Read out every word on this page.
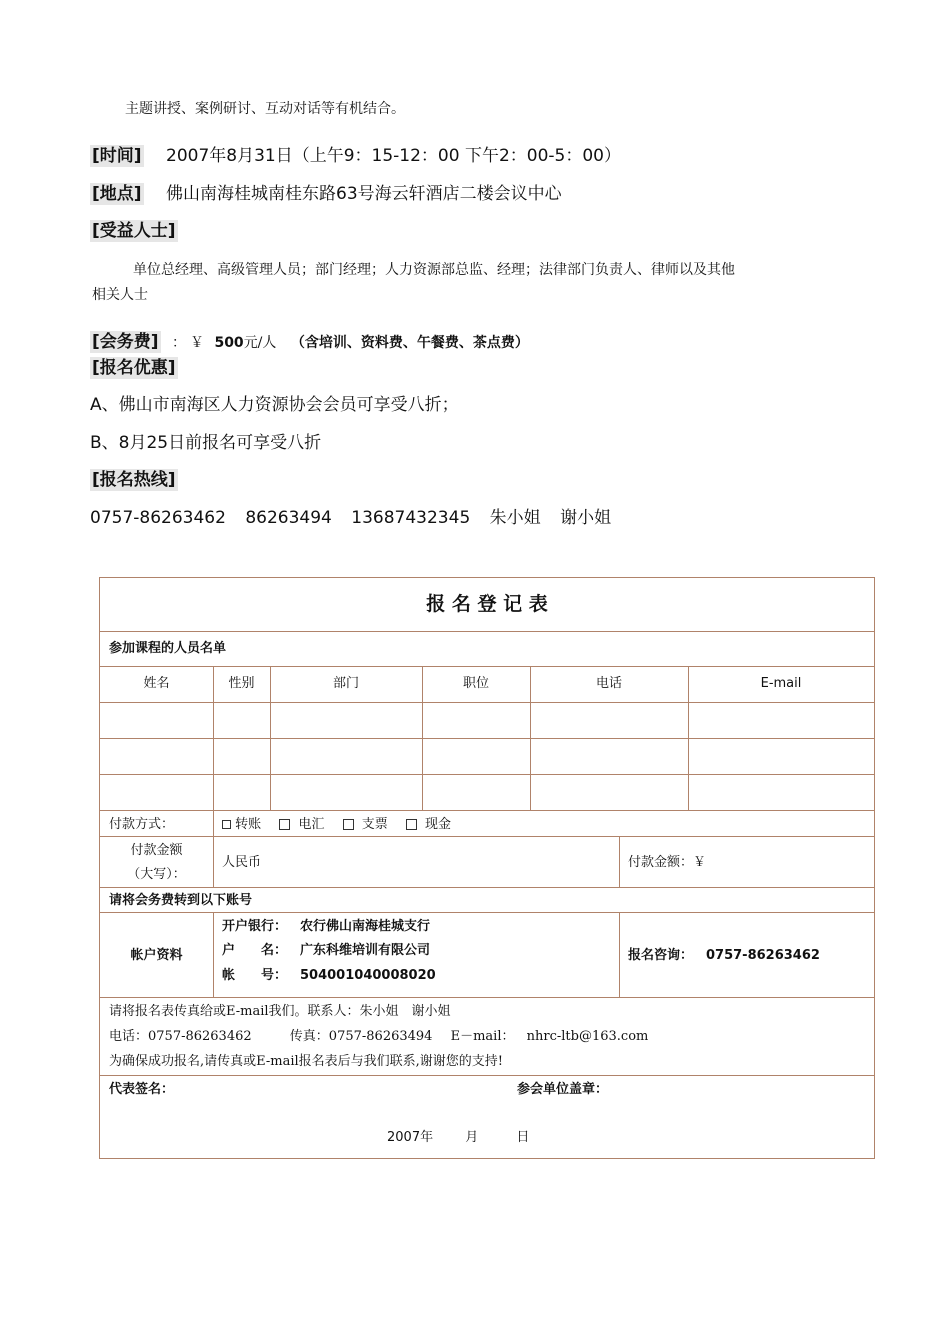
主题讲授、案例研讨、互动对话等有机结合。
[时间] 2007年8月31日（上午9：15-12：00 下午2：00-5：00）
[地点] 佛山南海桂城南桂东路63号海云轩酒店二楼会议中心
[受益人士]
单位总经理、高级管理人员；部门经理；人力资源部总监、经理；法律部门负责人、律师以及其他
相关人士
[会务费] ： ￥ 500元/人 （含培训、资料费、午餐费、茶点费）
[报名优惠]
A、佛山市南海区人力资源协会会员可享受八折；
B、8月25日前报名可享受八折
[报名热线]
0757-86263462 86263494 13687432345 朱小姐 谢小姐
报 名 登 记 表
参加课程的人员名单
姓名	性别	部门	职位	电话	E-mail
付款方式：	转账	电汇	支票	现金
付款金额
（大写）：
人民币	付款金额：￥
请将会务费转到以下账号
帐户资料
开户银行： 农行佛山南海桂城支行
户　　名： 广东科维培训有限公司
帐　　号： 504001040008020
报名咨询： 0757-86263462
请将报名表传真给或E-mail我们。联系人：朱小姐　谢小姐
电话：0757-86263462	传真：0757-86263494 E－mail： nhrc-ltb@163.com
为确保成功报名,请传真或E-mail报名表后与我们联系,谢谢您的支持!
代表签名：	参会单位盖章：
2007年 月	日
